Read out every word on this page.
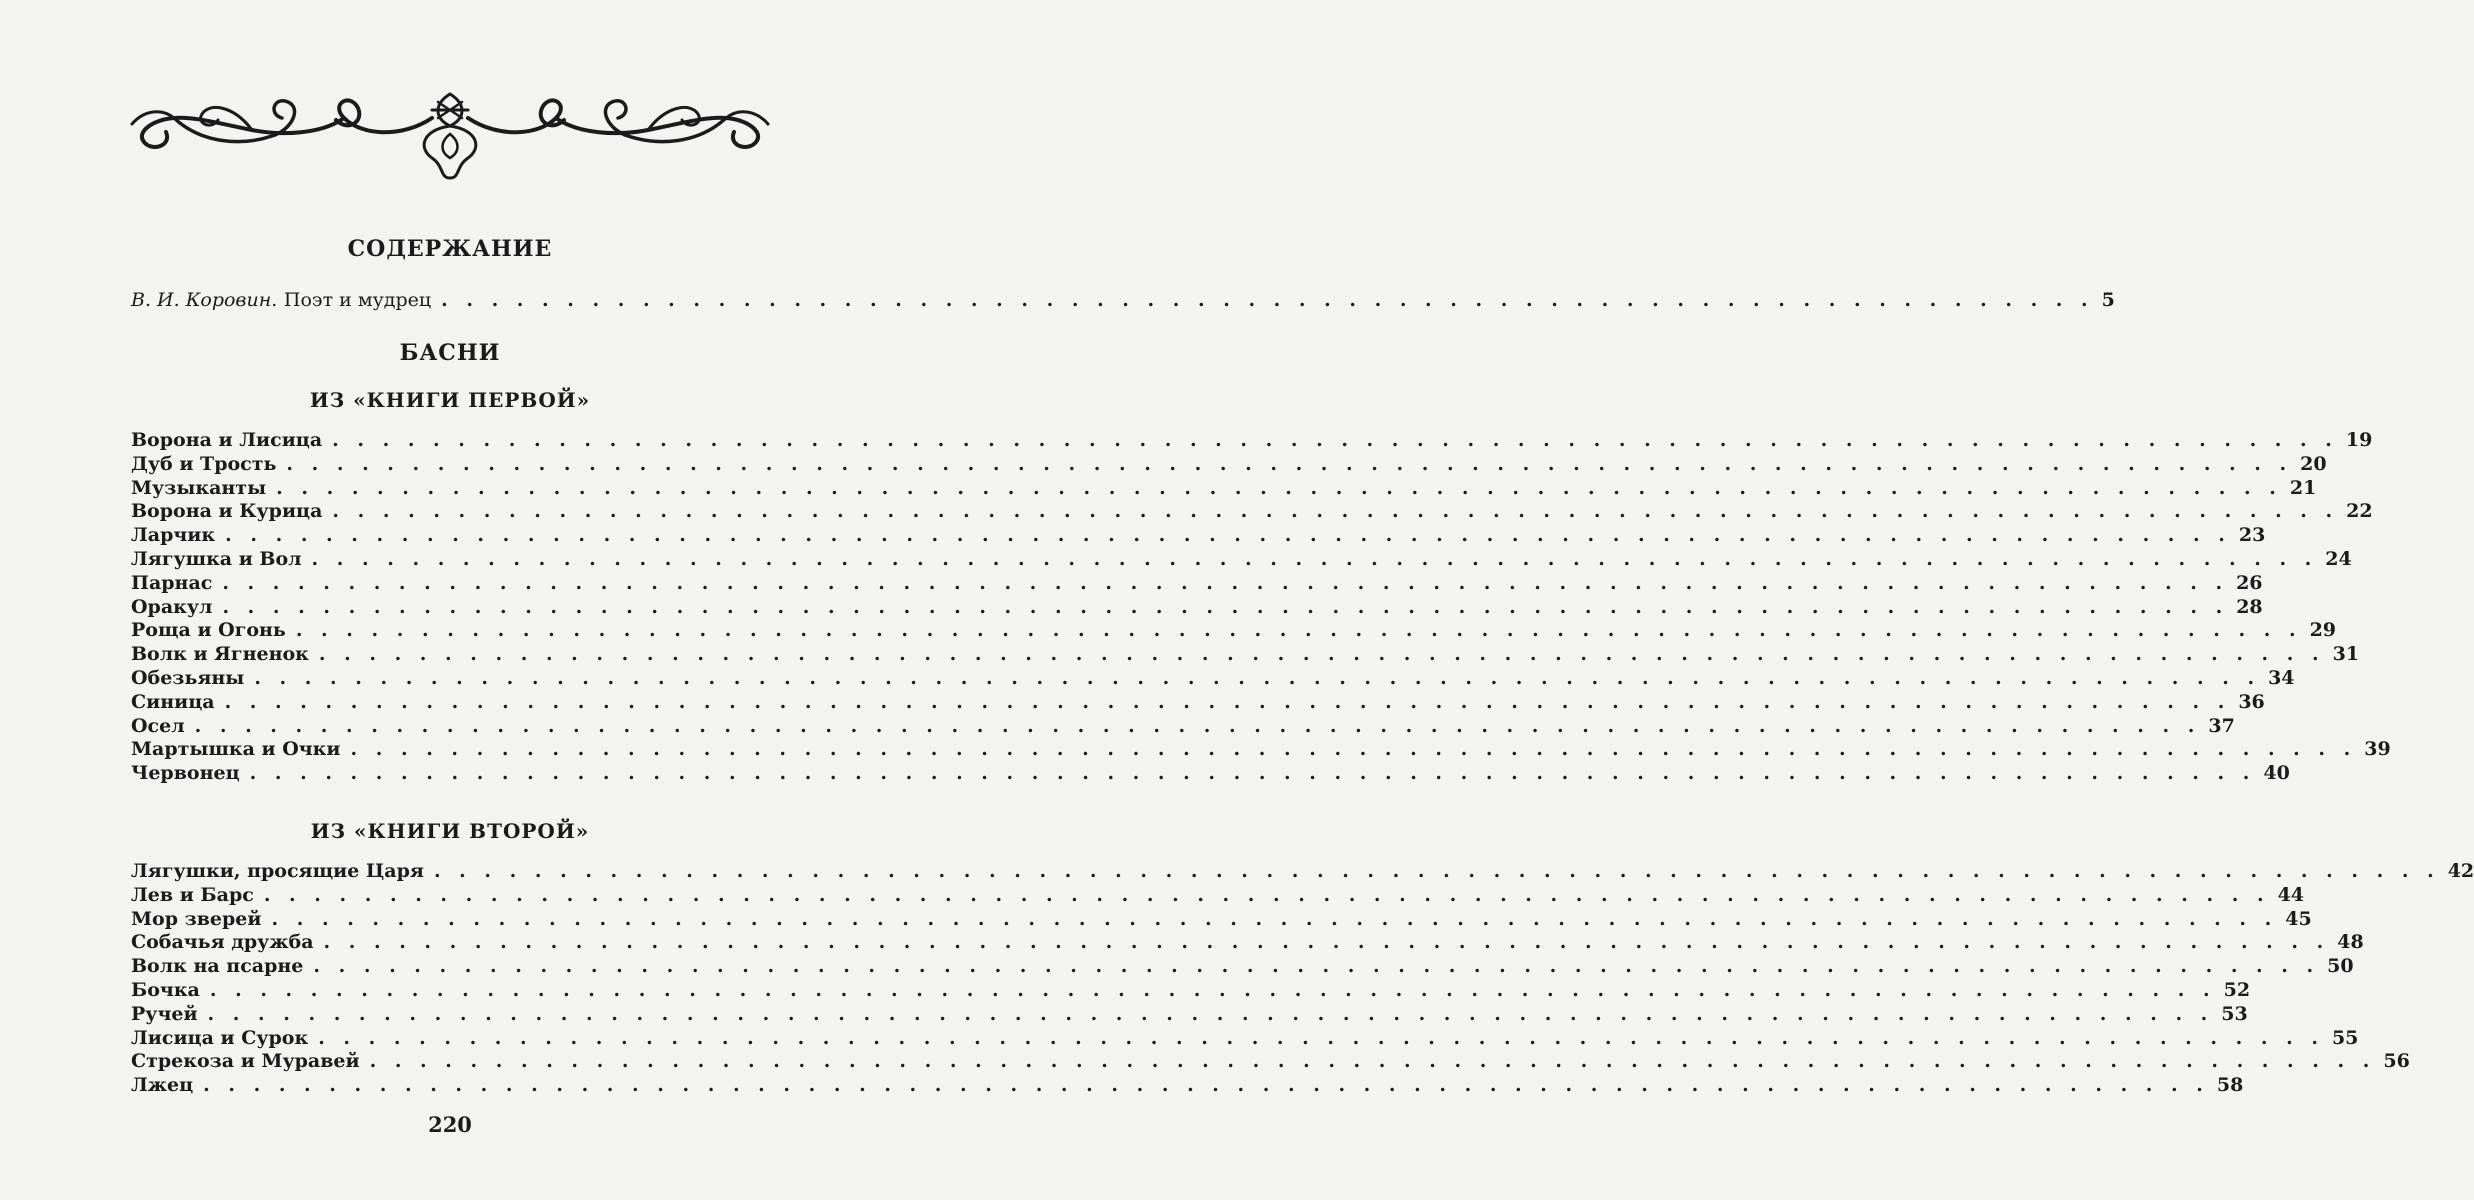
СОДЕРЖАНИЕ
В. И. Коровин. Поэт и мудрец . . . . . . . . . . . . . . . . . . . . . . . . . . . . . . . . . . . . . . . . . . . . . . . . . . . . . . . . . . . . . . . . . . 5
БАСНИ
ИЗ «КНИГИ ПЕРВОЙ»
Ворона и Лисица . . . . . . . . . . . . . . . . . . . . . . . . . . . . . . . . . . . . . . . . . . . . . . . . . . . . . . . . . . . . . . . . . . . . . . . . . . . . . . . . 19
Дуб и Трость . . . . . . . . . . . . . . . . . . . . . . . . . . . . . . . . . . . . . . . . . . . . . . . . . . . . . . . . . . . . . . . . . . . . . . . . . . . . . . . . 20
Музыканты . . . . . . . . . . . . . . . . . . . . . . . . . . . . . . . . . . . . . . . . . . . . . . . . . . . . . . . . . . . . . . . . . . . . . . . . . . . . . . . . 21
Ворона и Курица . . . . . . . . . . . . . . . . . . . . . . . . . . . . . . . . . . . . . . . . . . . . . . . . . . . . . . . . . . . . . . . . . . . . . . . . . . . . . . . . 22
Ларчик . . . . . . . . . . . . . . . . . . . . . . . . . . . . . . . . . . . . . . . . . . . . . . . . . . . . . . . . . . . . . . . . . . . . . . . . . . . . . . . . 23
Лягушка и Вол . . . . . . . . . . . . . . . . . . . . . . . . . . . . . . . . . . . . . . . . . . . . . . . . . . . . . . . . . . . . . . . . . . . . . . . . . . . . . . . . 24
Парнас . . . . . . . . . . . . . . . . . . . . . . . . . . . . . . . . . . . . . . . . . . . . . . . . . . . . . . . . . . . . . . . . . . . . . . . . . . . . . . . . 26
Оракул . . . . . . . . . . . . . . . . . . . . . . . . . . . . . . . . . . . . . . . . . . . . . . . . . . . . . . . . . . . . . . . . . . . . . . . . . . . . . . . . 28
Роща и Огонь . . . . . . . . . . . . . . . . . . . . . . . . . . . . . . . . . . . . . . . . . . . . . . . . . . . . . . . . . . . . . . . . . . . . . . . . . . . . . . . . 29
Волк и Ягненок . . . . . . . . . . . . . . . . . . . . . . . . . . . . . . . . . . . . . . . . . . . . . . . . . . . . . . . . . . . . . . . . . . . . . . . . . . . . . . . . 31
Обезьяны . . . . . . . . . . . . . . . . . . . . . . . . . . . . . . . . . . . . . . . . . . . . . . . . . . . . . . . . . . . . . . . . . . . . . . . . . . . . . . . . 34
Синица . . . . . . . . . . . . . . . . . . . . . . . . . . . . . . . . . . . . . . . . . . . . . . . . . . . . . . . . . . . . . . . . . . . . . . . . . . . . . . . . 36
Осел . . . . . . . . . . . . . . . . . . . . . . . . . . . . . . . . . . . . . . . . . . . . . . . . . . . . . . . . . . . . . . . . . . . . . . . . . . . . . . . . 37
Мартышка и Очки . . . . . . . . . . . . . . . . . . . . . . . . . . . . . . . . . . . . . . . . . . . . . . . . . . . . . . . . . . . . . . . . . . . . . . . . . . . . . . . . 39
Червонец . . . . . . . . . . . . . . . . . . . . . . . . . . . . . . . . . . . . . . . . . . . . . . . . . . . . . . . . . . . . . . . . . . . . . . . . . . . . . . . . 40
ИЗ «КНИГИ ВТОРОЙ»
Лягушки, просящие Царя . . . . . . . . . . . . . . . . . . . . . . . . . . . . . . . . . . . . . . . . . . . . . . . . . . . . . . . . . . . . . . . . . . . . . . . . . . . . . . . . 42
Лев и Барс . . . . . . . . . . . . . . . . . . . . . . . . . . . . . . . . . . . . . . . . . . . . . . . . . . . . . . . . . . . . . . . . . . . . . . . . . . . . . . . . 44
Мор зверей . . . . . . . . . . . . . . . . . . . . . . . . . . . . . . . . . . . . . . . . . . . . . . . . . . . . . . . . . . . . . . . . . . . . . . . . . . . . . . . . 45
Собачья дружба . . . . . . . . . . . . . . . . . . . . . . . . . . . . . . . . . . . . . . . . . . . . . . . . . . . . . . . . . . . . . . . . . . . . . . . . . . . . . . . . 48
Волк на псарне . . . . . . . . . . . . . . . . . . . . . . . . . . . . . . . . . . . . . . . . . . . . . . . . . . . . . . . . . . . . . . . . . . . . . . . . . . . . . . . . 50
Бочка . . . . . . . . . . . . . . . . . . . . . . . . . . . . . . . . . . . . . . . . . . . . . . . . . . . . . . . . . . . . . . . . . . . . . . . . . . . . . . . . 52
Ручей . . . . . . . . . . . . . . . . . . . . . . . . . . . . . . . . . . . . . . . . . . . . . . . . . . . . . . . . . . . . . . . . . . . . . . . . . . . . . . . . 53
Лисица и Сурок . . . . . . . . . . . . . . . . . . . . . . . . . . . . . . . . . . . . . . . . . . . . . . . . . . . . . . . . . . . . . . . . . . . . . . . . . . . . . . . . 55
Стрекоза и Муравей . . . . . . . . . . . . . . . . . . . . . . . . . . . . . . . . . . . . . . . . . . . . . . . . . . . . . . . . . . . . . . . . . . . . . . . . . . . . . . . . 56
Лжец . . . . . . . . . . . . . . . . . . . . . . . . . . . . . . . . . . . . . . . . . . . . . . . . . . . . . . . . . . . . . . . . . . . . . . . . . . . . . . . . 58
220
